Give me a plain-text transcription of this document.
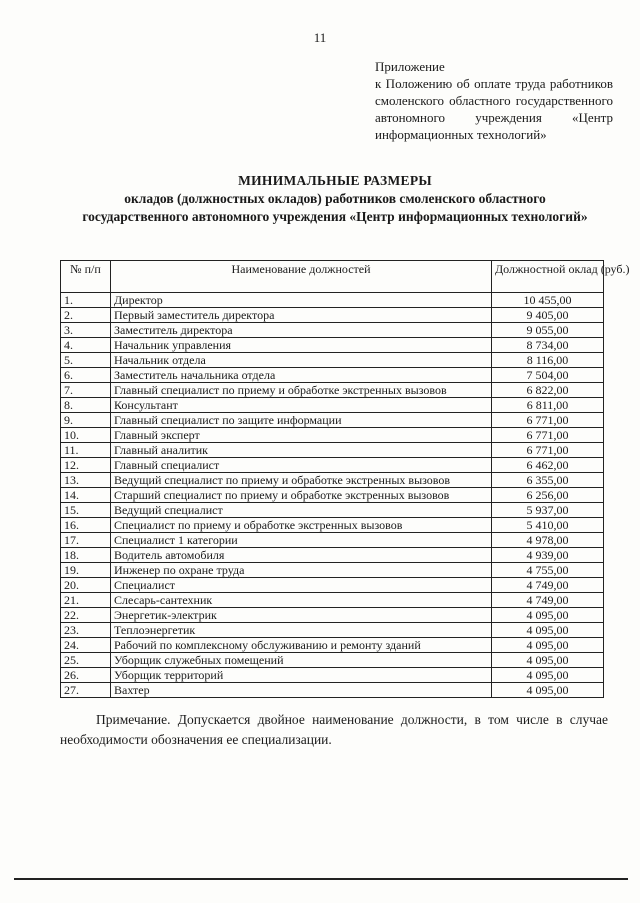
11
Приложение
к Положению об оплате труда работников смоленского областного государственного автономного учреждения «Центр информационных технологий»
МИНИМАЛЬНЫЕ РАЗМЕРЫ
окладов (должностных окладов) работников смоленского областного государственного автономного учреждения «Центр информационных технологий»
№ п/п	Наименование должностей	Должностной оклад (руб.)
1.	Директор	10 455,00
2.	Первый заместитель директора	9 405,00
3.	Заместитель директора	9 055,00
4.	Начальник управления	8 734,00
5.	Начальник отдела	8 116,00
6.	Заместитель начальника отдела	7 504,00
7.	Главный специалист по приему и обработке экстренных вызовов	6 822,00
8.	Консультант	6 811,00
9.	Главный специалист по защите информации	6 771,00
10.	Главный эксперт	6 771,00
11.	Главный аналитик	6 771,00
12.	Главный специалист	6 462,00
13.	Ведущий специалист по приему и обработке экстренных вызовов	6 355,00
14.	Старший специалист по приему и обработке экстренных вызовов	6 256,00
15.	Ведущий специалист	5 937,00
16.	Специалист по приему и обработке экстренных вызовов	5 410,00
17.	Специалист 1 категории	4 978,00
18.	Водитель автомобиля	4 939,00
19.	Инженер по охране труда	4 755,00
20.	Специалист	4 749,00
21.	Слесарь-сантехник	4 749,00
22.	Энергетик-электрик	4 095,00
23.	Теплоэнергетик	4 095,00
24.	Рабочий по комплексному обслуживанию и ремонту зданий	4 095,00
25.	Уборщик служебных помещений	4 095,00
26.	Уборщик территорий	4 095,00
27.	Вахтер	4 095,00
Примечание. Допускается двойное наименование должности, в том числе в случае необходимости обозначения ее специализации.
